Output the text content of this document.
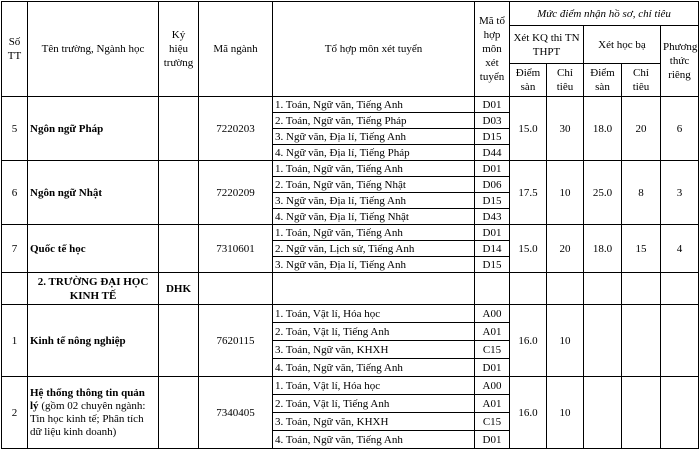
Số TT	Tên trường, Ngành học	Ký hiệu trường	Mã ngành	Tổ hợp môn xét tuyển	Mã tổ hợp môn xét tuyển	Mức điểm nhận hồ sơ, chỉ tiêu				
						Xét KQ thi TN THPT		Xét học bạ		Phương thức riêng
						Điểm sàn	Chỉ tiêu	Điểm sàn	Chỉ tiêu	
5	Ngôn ngữ Pháp		7220203	1. Toán, Ngữ văn, Tiếng Anh	D01	15.0	30	18.0	20	6
				2. Toán, Ngữ văn, Tiếng Pháp	D03					
				3. Ngữ văn, Địa lí, Tiếng Anh	D15					
				4. Ngữ văn, Địa lí, Tiếng Pháp	D44					
6	Ngôn ngữ Nhật		7220209	1. Toán, Ngữ văn, Tiếng Anh	D01	17.5	10	25.0	8	3
				2. Toán, Ngữ văn, Tiếng Nhật	D06					
				3. Ngữ văn, Địa lí, Tiếng Anh	D15					
				4. Ngữ văn, Địa lí, Tiếng Nhật	D43					
7	Quốc tế học		7310601	1. Toán, Ngữ văn, Tiếng Anh	D01	15.0	20	18.0	15	4
				2. Ngữ văn, Lịch sử, Tiếng Anh	D14					
				3. Ngữ văn, Địa lí, Tiếng Anh	D15					
	2. TRƯỜNG ĐẠI HỌC KINH TẾ	DHK								
1	Kinh tế nông nghiệp		7620115	1. Toán, Vật lí, Hóa học	A00	16.0	10			
				2. Toán, Vật lí, Tiếng Anh	A01					
				3. Toán, Ngữ văn, KHXH	C15					
				4. Toán, Ngữ văn, Tiếng Anh	D01					
2	Hệ thống thông tin quản lý (gồm 02 chuyên ngành: Tin học kinh tế; Phân tích dữ liệu kinh doanh)		7340405	1. Toán, Vật lí, Hóa học	A00	16.0	10			
				2. Toán, Vật lí, Tiếng Anh	A01					
				3. Toán, Ngữ văn, KHXH	C15					
				4. Toán, Ngữ văn, Tiếng Anh	D01					
